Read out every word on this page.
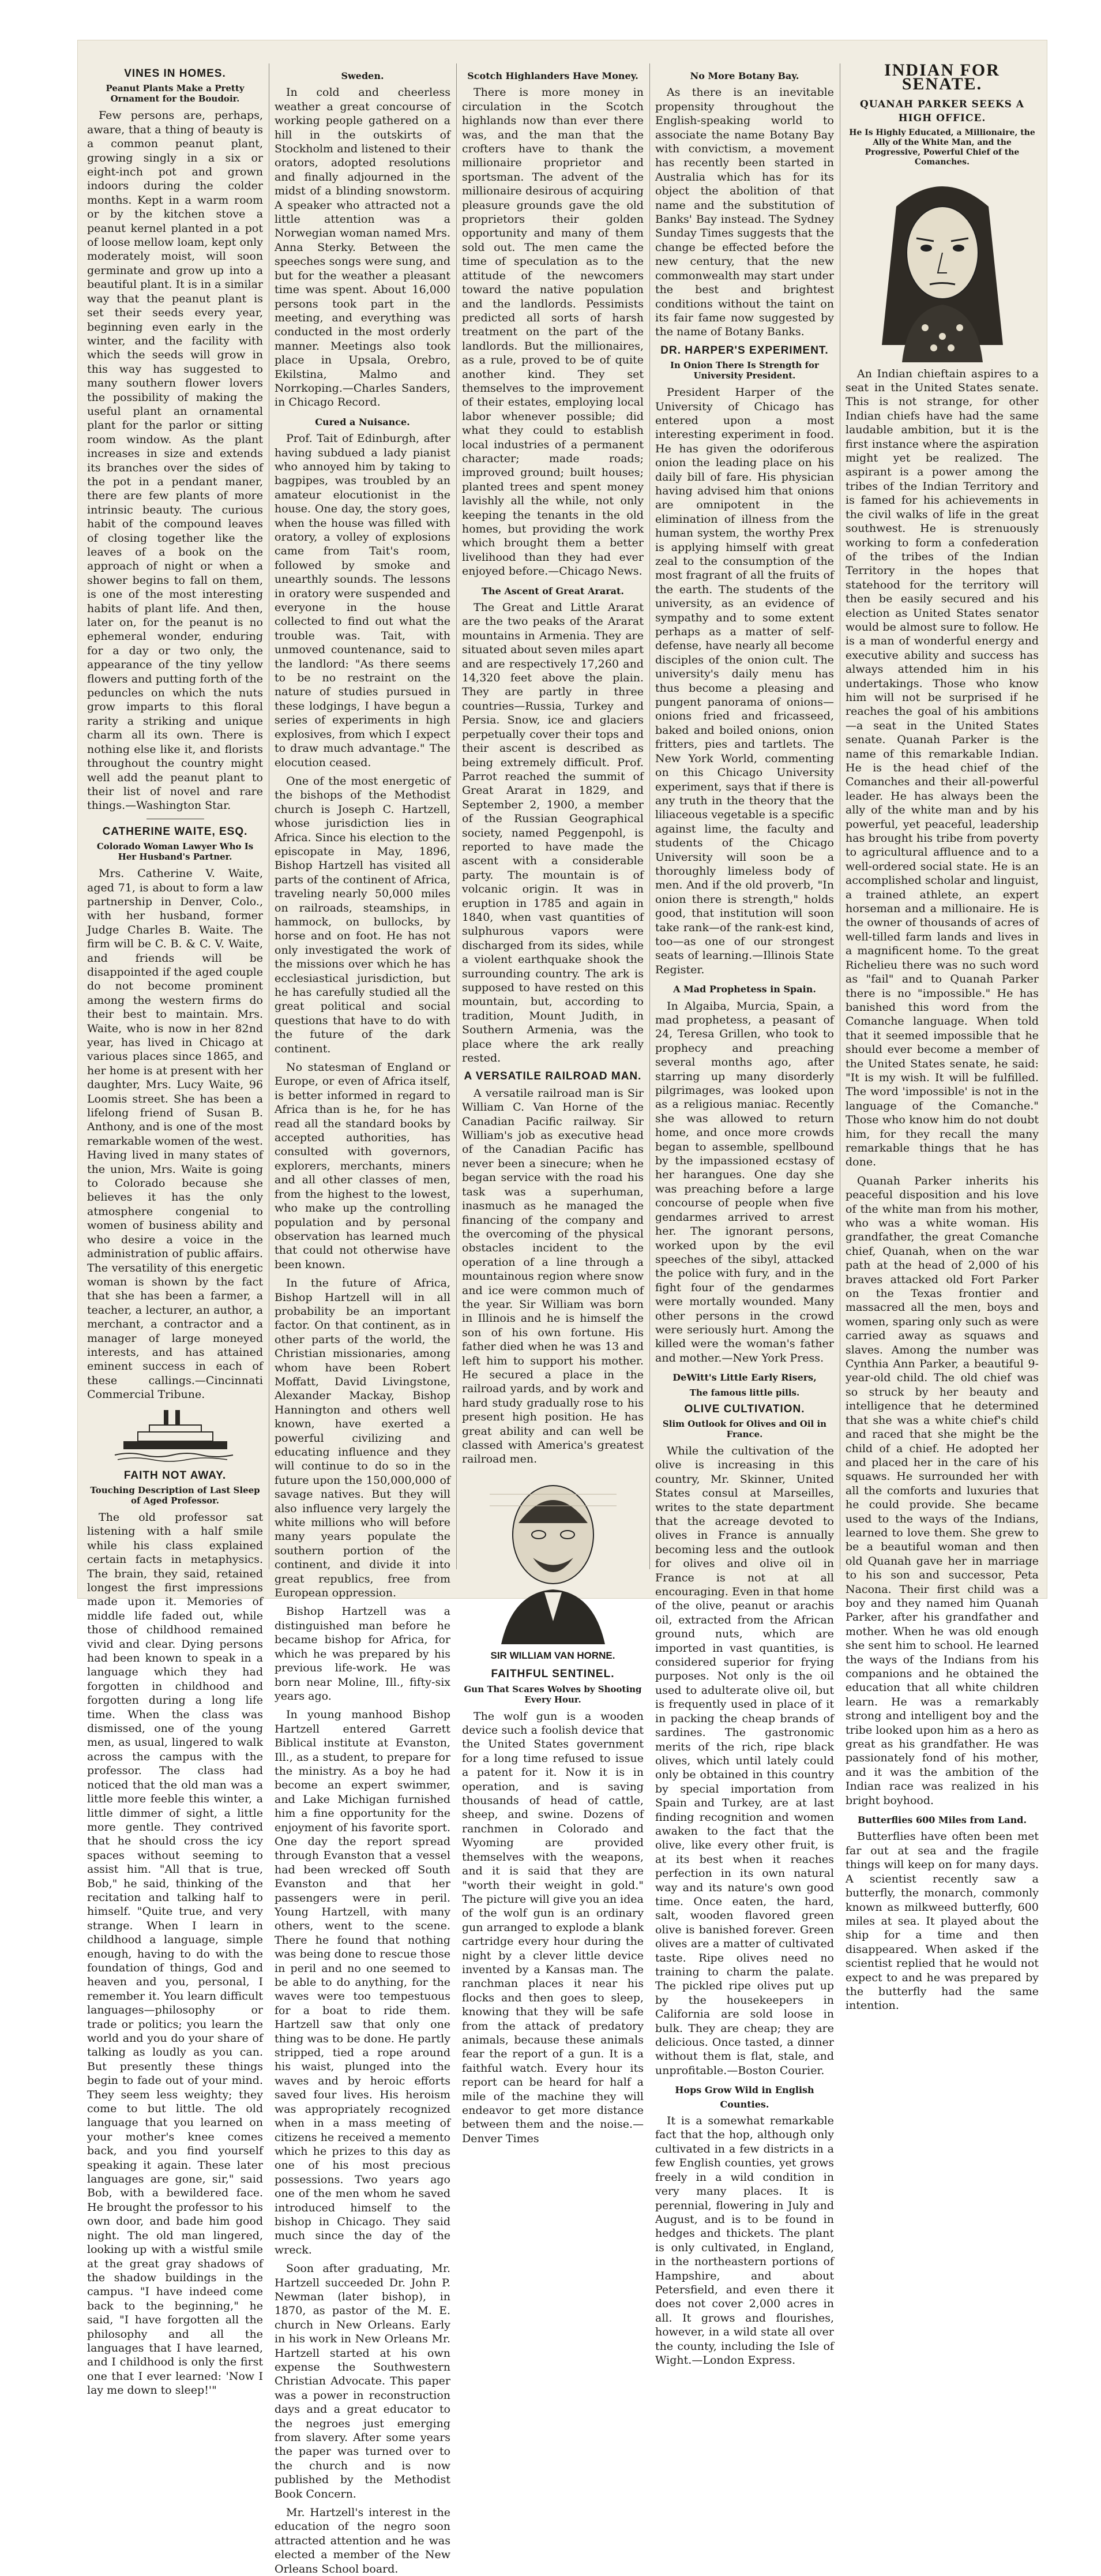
VINES IN HOMES.
Peanut Plants Make a Pretty Ornament for the Boudoir.

Few persons are, perhaps, aware, that a thing of beauty is a common peanut plant, growing singly in a six or eight-inch pot and grown indoors during the colder months. Kept in a warm room or by the kitchen stove a peanut kernel planted in a pot of loose mellow loam, kept only moderately moist, will soon germinate and grow up into a beautiful plant. It is in a similar way that the peanut plant is set their seeds every year, beginning even early in the winter, and the facility with which the seeds will grow in this way has suggested to many southern flower lovers the possibility of making the useful plant an ornamental plant for the parlor or sitting room window. As the plant increases in size and extends its branches over the sides of the pot in a pendant maner, there are few plants of more intrinsic beauty. The curious habit of the compound leaves of closing together like the leaves of a book on the approach of night or when a shower begins to fall on them, is one of the most interesting habits of plant life. And then, later on, for the peanut is no ephemeral wonder, enduring for a day or two only, the appearance of the tiny yellow flowers and putting forth of the peduncles on which the nuts grow imparts to this floral rarity a striking and unique charm all its own. There is nothing else like it, and florists throughout the country might well add the peanut plant to their list of novel and rare things.—Washington Star.

CATHERINE WAITE, ESQ.
Colorado Woman Lawyer Who Is Her Husband's Partner.

Mrs. Catherine V. Waite, aged 71, is about to form a law partnership in Denver, Colo., with her husband, former Judge Charles B. Waite. The firm will be C. B. & C. V. Waite, and friends will be disappointed if the aged couple do not become prominent among the western firms do their best to maintain. Mrs. Waite, who is now in her 82nd year, has lived in Chicago at various places since 1865, and her home is at present with her daughter, Mrs. Lucy Waite, 96 Loomis street. She has been a lifelong friend of Susan B. Anthony, and is one of the most remarkable women of the west. Having lived in many states of the union, Mrs. Waite is going to Colorado because she believes it has the only atmosphere congenial to women of business ability and who desire a voice in the administration of public affairs. The versatility of this energetic woman is shown by the fact that she has been a farmer, a teacher, a lecturer, an author, a merchant, a contractor and a manager of large moneyed interests, and has attained eminent success in each of these callings.—Cincinnati Commercial Tribune.

FAITH NOT AWAY.
Touching Description of Last Sleep of Aged Professor.

The old professor sat listening with a half smile while his class explained certain facts in metaphysics. The brain, they said, retained longest the first impressions made upon it. Memories of middle life faded out, while those of childhood remained vivid and clear. Dying persons had been known to speak in a language which they had forgotten in childhood and forgotten during a long life time. When the class was dismissed, one of the young men, as usual, lingered to walk across the campus with the professor. The class had noticed that the old man was a little more feeble this winter, a little dimmer of sight, a little more gentle. They contrived that he should cross the icy spaces without seeming to assist him. "All that is true, Bob," he said, thinking of the recitation and talking half to himself. "Quite true, and very strange. When I learn in childhood a language, simple enough, having to do with the foundation of things, God and heaven and you, personal, I remember it. You learn difficult languages—philosophy or trade or politics; you learn the world and you do your share of talking as loudly as you can. But presently these things begin to fade out of your mind. They seem less weighty; they come to but little. The old language that you learned on your mother's knee comes back, and you find yourself speaking it again. These later languages are gone, sir," said Bob, with a bewildered face. He brought the professor to his own door, and bade him good night. The old man lingered, looking up with a wistful smile at the great gray shadows of the shadow buildings in the campus. "I have indeed come back to the beginning," he said, "I have forgotten all the philosophy and all the languages that I have learned, and I childhood is only the first one that I ever learned: 'Now I lay me down to sleep!'"

Sweden.

In cold and cheerless weather a great concourse of working people gathered on a hill in the outskirts of Stockholm and listened to their orators, adopted resolutions and finally adjourned in the midst of a blinding snowstorm. A speaker who attracted not a little attention was a Norwegian woman named Mrs. Anna Sterky. Between the speeches songs were sung, and but for the weather a pleasant time was spent. About 16,000 persons took part in the meeting, and everything was conducted in the most orderly manner. Meetings also took place in Upsala, Orebro, Ekilstina, Malmo and Norrkoping.—Charles Sanders, in Chicago Record.

Cured a Nuisance.

Prof. Tait of Edinburgh, after having subdued a lady pianist who annoyed him by taking to bagpipes, was troubled by an amateur elocutionist in the house. One day, the story goes, when the house was filled with oratory, a volley of explosions came from Tait's room, followed by smoke and unearthly sounds. The lessons in oratory were suspended and everyone in the house collected to find out what the trouble was. Tait, with unmoved countenance, said to the landlord: "As there seems to be no restraint on the nature of studies pursued in these lodgings, I have begun a series of experiments in high explosives, from which I expect to draw much advantage." The elocution ceased.

One of the most energetic of the bishops of the Methodist church is Joseph C. Hartzell, whose jurisdiction lies in Africa. Since his election to the episcopate in May, 1896, Bishop Hartzell has visited all parts of the continent of Africa, traveling nearly 50,000 miles on railroads, steamships, in hammock, on bullocks, by horse and on foot. He has not only investigated the work of the missions over which he has ecclesiastical jurisdiction, but he has carefully studied all the great political and social questions that have to do with the future of the dark continent.

No statesman of England or Europe, or even of Africa itself, is better informed in regard to Africa than is he, for he has read all the standard books by accepted authorities, has consulted with governors, explorers, merchants, miners and all other classes of men, from the highest to the lowest, who make up the controlling population and by personal observation has learned much that could not otherwise have been known.

In the future of Africa, Bishop Hartzell will in all probability be an important factor. On that continent, as in other parts of the world, the Christian missionaries, among whom have been Robert Moffatt, David Livingstone, Alexander Mackay, Bishop Hannington and others well known, have exerted a powerful civilizing and educating influence and they will continue to do so in the future upon the 150,000,000 of savage natives. But they will also influence very largely the white millions who will before many years populate the southern portion of the continent, and divide it into great republics, free from European oppression.

Bishop Hartzell was a distinguished man before he became bishop for Africa, for which he was prepared by his previous life-work. He was born near Moline, Ill., fifty-six years ago.

In young manhood Bishop Hartzell entered Garrett Biblical institute at Evanston, Ill., as a student, to prepare for the ministry. As a boy he had become an expert swimmer, and Lake Michigan furnished him a fine opportunity for the enjoyment of his favorite sport. One day the report spread through Evanston that a vessel had been wrecked off South Evanston and that her passengers were in peril. Young Hartzell, with many others, went to the scene. There he found that nothing was being done to rescue those in peril and no one seemed to be able to do anything, for the waves were too tempestuous for a boat to ride them. Hartzell saw that only one thing was to be done. He partly stripped, tied a rope around his waist, plunged into the waves and by heroic efforts saved four lives. His heroism was appropriately recognized when in a mass meeting of citizens he received a memento which he prizes to this day as one of his most precious possessions. Two years ago one of the men whom he saved introduced himself to the bishop in Chicago. They said much since the day of the wreck.

Soon after graduating, Mr. Hartzell succeeded Dr. John P. Newman (later bishop), in 1870, as pastor of the M. E. church in New Orleans. Early in his work in New Orleans Mr. Hartzell started at his own expense the Southwestern Christian Advocate. This paper was a power in reconstruction days and a great educator to the negroes just emerging from slavery. After some years the paper was turned over to the church and is now published by the Methodist Book Concern.

Mr. Hartzell's interest in the education of the negro soon attracted attention and he was elected a member of the New Orleans School board.

Scotch Highlanders Have Money.

There is more money in circulation in the Scotch highlands now than ever there was, and the man that the crofters have to thank the millionaire proprietor and sportsman. The advent of the millionaire desirous of acquiring pleasure grounds gave the old proprietors their golden opportunity and many of them sold out. The men came the time of speculation as to the attitude of the newcomers toward the native population and the landlords. Pessimists predicted all sorts of harsh treatment on the part of the landlords. But the millionaires, as a rule, proved to be of quite another kind. They set themselves to the improvement of their estates, employing local labor whenever possible; did what they could to establish local industries of a permanent character; made roads; improved ground; built houses; planted trees and spent money lavishly all the while, not only keeping the tenants in the old homes, but providing the work which brought them a better livelihood than they had ever enjoyed before.—Chicago News.

The Ascent of Great Ararat.

The Great and Little Ararat are the two peaks of the Ararat mountains in Armenia. They are situated about seven miles apart and are respectively 17,260 and 14,320 feet above the plain. They are partly in three countries—Russia, Turkey and Persia. Snow, ice and glaciers perpetually cover their tops and their ascent is described as being extremely difficult. Prof. Parrot reached the summit of Great Ararat in 1829, and September 2, 1900, a member of the Russian Geographical society, named Peggenpohl, is reported to have made the ascent with a considerable party. The mountain is of volcanic origin. It was in eruption in 1785 and again in 1840, when vast quantities of sulphurous vapors were discharged from its sides, while a violent earthquake shook the surrounding country. The ark is supposed to have rested on this mountain, but, according to tradition, Mount Judith, in Southern Armenia, was the place where the ark really rested.

A VERSATILE RAILROAD MAN.

A versatile railroad man is Sir William C. Van Horne of the Canadian Pacific railway. Sir William's job as executive head of the Canadian Pacific has never been a sinecure; when he began service with the road his task was a superhuman, inasmuch as he managed the financing of the company and the overcoming of the physical obstacles incident to the operation of a line through a mountainous region where snow and ice were common much of the year. Sir William was born in Illinois and he is himself the son of his own fortune. His father died when he was 13 and left him to support his mother. He secured a place in the railroad yards, and by work and hard study gradually rose to his present high position. He has great ability and can well be classed with America's greatest railroad men.

SIR WILLIAM VAN HORNE.
FAITHFUL SENTINEL.
Gun That Scares Wolves by Shooting Every Hour.

The wolf gun is a wooden device such a foolish device that the United States government for a long time refused to issue a patent for it. Now it is in operation, and is saving thousands of head of cattle, sheep, and swine. Dozens of ranchmen in Colorado and Wyoming are provided themselves with the weapons, and it is said that they are "worth their weight in gold." The picture will give you an idea of the wolf gun is an ordinary gun arranged to explode a blank cartridge every hour during the night by a clever little device invented by a Kansas man. The ranchman places it near his flocks and then goes to sleep, knowing that they will be safe from the attack of predatory animals, because these animals fear the report of a gun. It is a faithful watch. Every hour its report can be heard for half a mile of the machine they will endeavor to get more distance between them and the noise.—Denver Times

No More Botany Bay.

As there is an inevitable propensity throughout the English-speaking world to associate the name Botany Bay with convictism, a movement has recently been started in Australia which has for its object the abolition of that name and the substitution of Banks' Bay instead. The Sydney Sunday Times suggests that the change be effected before the new century, that the new commonwealth may start under the best and brightest conditions without the taint on its fair fame now suggested by the name of Botany Banks.

DR. HARPER'S EXPERIMENT.
In Onion There Is Strength for University President.

President Harper of the University of Chicago has entered upon a most interesting experiment in food. He has given the odoriferous onion the leading place on his daily bill of fare. His physician having advised him that onions are omnipotent in the elimination of illness from the human system, the worthy Prex is applying himself with great zeal to the consumption of the most fragrant of all the fruits of the earth. The students of the university, as an evidence of sympathy and to some extent perhaps as a matter of self-defense, have nearly all become disciples of the onion cult. The university's daily menu has thus become a pleasing and pungent panorama of onions—onions fried and fricasseed, baked and boiled onions, onion fritters, pies and tartlets. The New York World, commenting on this Chicago University experiment, says that if there is any truth in the theory that the liliaceous vegetable is a specific against lime, the faculty and students of the Chicago University will soon be a thoroughly limeless body of men. And if the old proverb, "In onion there is strength," holds good, that institution will soon take rank—of the rank-est kind, too—as one of our strongest seats of learning.—Illinois State Register.

A Mad Prophetess in Spain.

In Algaiba, Murcia, Spain, a mad prophetess, a peasant of 24, Teresa Grillen, who took to prophecy and preaching several months ago, after starring up many disorderly pilgrimages, was looked upon as a religious maniac. Recently she was allowed to return home, and once more crowds began to assemble, spellbound by the impassioned ecstasy of her harangues. One day she was preaching before a large concourse of people when five gendarmes arrived to arrest her. The ignorant persons, worked upon by the evil speeches of the sibyl, attacked the police with fury, and in the fight four of the gendarmes were mortally wounded. Many other persons in the crowd were seriously hurt. Among the killed were the woman's father and mother.—New York Press.

DeWitt's Little Early Risers,
The famous little pills.
OLIVE CULTIVATION.
Slim Outlook for Olives and Oil in France.

While the cultivation of the olive is increasing in this country, Mr. Skinner, United States consul at Marseilles, writes to the state department that the acreage devoted to olives in France is annually becoming less and the outlook for olives and olive oil in France is not at all encouraging. Even in that home of the olive, peanut or arachis oil, extracted from the African ground nuts, which are imported in vast quantities, is considered superior for frying purposes. Not only is the oil used to adulterate olive oil, but is frequently used in place of it in packing the cheap brands of sardines. The gastronomic merits of the rich, ripe black olives, which until lately could only be obtained in this country by special importation from Spain and Turkey, are at last finding recognition and women awaken to the fact that the olive, like every other fruit, is at its best when it reaches perfection in its own natural way and its nature's own good time. Once eaten, the hard, salt, wooden flavored green olive is banished forever. Green olives are a matter of cultivated taste. Ripe olives need no training to charm the palate. The pickled ripe olives put up by the housekeepers in California are sold loose in bulk. They are cheap; they are delicious. Once tasted, a dinner without them is flat, stale, and unprofitable.—Boston Courier.

Hops Grow Wild in English Counties.

It is a somewhat remarkable fact that the hop, although only cultivated in a few districts in a few English counties, yet grows freely in a wild condition in very many places. It is perennial, flowering in July and August, and is to be found in hedges and thickets. The plant is only cultivated, in England, in the northeastern portions of Hampshire, and about Petersfield, and even there it does not cover 2,000 acres in all. It grows and flourishes, however, in a wild state all over the county, including the Isle of Wight.—London Express.

INDIAN FOR SENATE.
QUANAH PARKER SEEKS A HIGH OFFICE.
He Is Highly Educated, a Millionaire, the Ally of the White Man, and the Progressive, Powerful Chief of the Comanches.

An Indian chieftain aspires to a seat in the United States senate. This is not strange, for other Indian chiefs have had the same laudable ambition, but it is the first instance where the aspiration might yet be realized. The aspirant is a power among the tribes of the Indian Territory and is famed for his achievements in the civil walks of life in the great southwest. He is strenuously working to form a confederation of the tribes of the Indian Territory in the hopes that statehood for the territory will then be easily secured and his election as United States senator would be almost sure to follow. He is a man of wonderful energy and executive ability and success has always attended him in his undertakings. Those who know him will not be surprised if he reaches the goal of his ambitions—a seat in the United States senate. Quanah Parker is the name of this remarkable Indian. He is the head chief of the Comanches and their all-powerful leader. He has always been the ally of the white man and by his powerful, yet peaceful, leadership has brought his tribe from poverty to agricultural affluence and to a well-ordered social state. He is an accomplished scholar and linguist, a trained athlete, an expert horseman and a millionaire. He is the owner of thousands of acres of well-tilled farm lands and lives in a magnificent home. To the great Richelieu there was no such word as "fail" and to Quanah Parker there is no "impossible." He has banished this word from the Comanche language. When told that it seemed impossible that he should ever become a member of the United States senate, he said: "It is my wish. It will be fulfilled. The word 'impossible' is not in the language of the Comanche." Those who know him do not doubt him, for they recall the many remarkable things that he has done.

Quanah Parker inherits his peaceful disposition and his love of the white man from his mother, who was a white woman. His grandfather, the great Comanche chief, Quanah, when on the war path at the head of 2,000 of his braves attacked old Fort Parker on the Texas frontier and massacred all the men, boys and women, sparing only such as were carried away as squaws and slaves. Among the number was Cynthia Ann Parker, a beautiful 9-year-old child. The old chief was so struck by her beauty and intelligence that he determined that she was a white chief's child and raced that she might be the child of a chief. He adopted her and placed her in the care of his squaws. He surrounded her with all the comforts and luxuries that he could provide. She became used to the ways of the Indians, learned to love them. She grew to be a beautiful woman and then old Quanah gave her in marriage to his son and successor, Peta Nacona. Their first child was a boy and they named him Quanah Parker, after his grandfather and mother. When he was old enough she sent him to school. He learned the ways of the Indians from his companions and he obtained the education that all white children learn. He was a remarkably strong and intelligent boy and the tribe looked upon him as a hero as great as his grandfather. He was passionately fond of his mother, and it was the ambition of the Indian race was realized in his bright boyhood.

Butterflies 600 Miles from Land.

Butterflies have often been met far out at sea and the fragile things will keep on for many days. A scientist recently saw a butterfly, the monarch, commonly known as milkweed butterfly, 600 miles at sea. It played about the ship for a time and then disappeared. When asked if the scientist replied that he would not expect to and he was prepared by the butterfly had the same intention.
